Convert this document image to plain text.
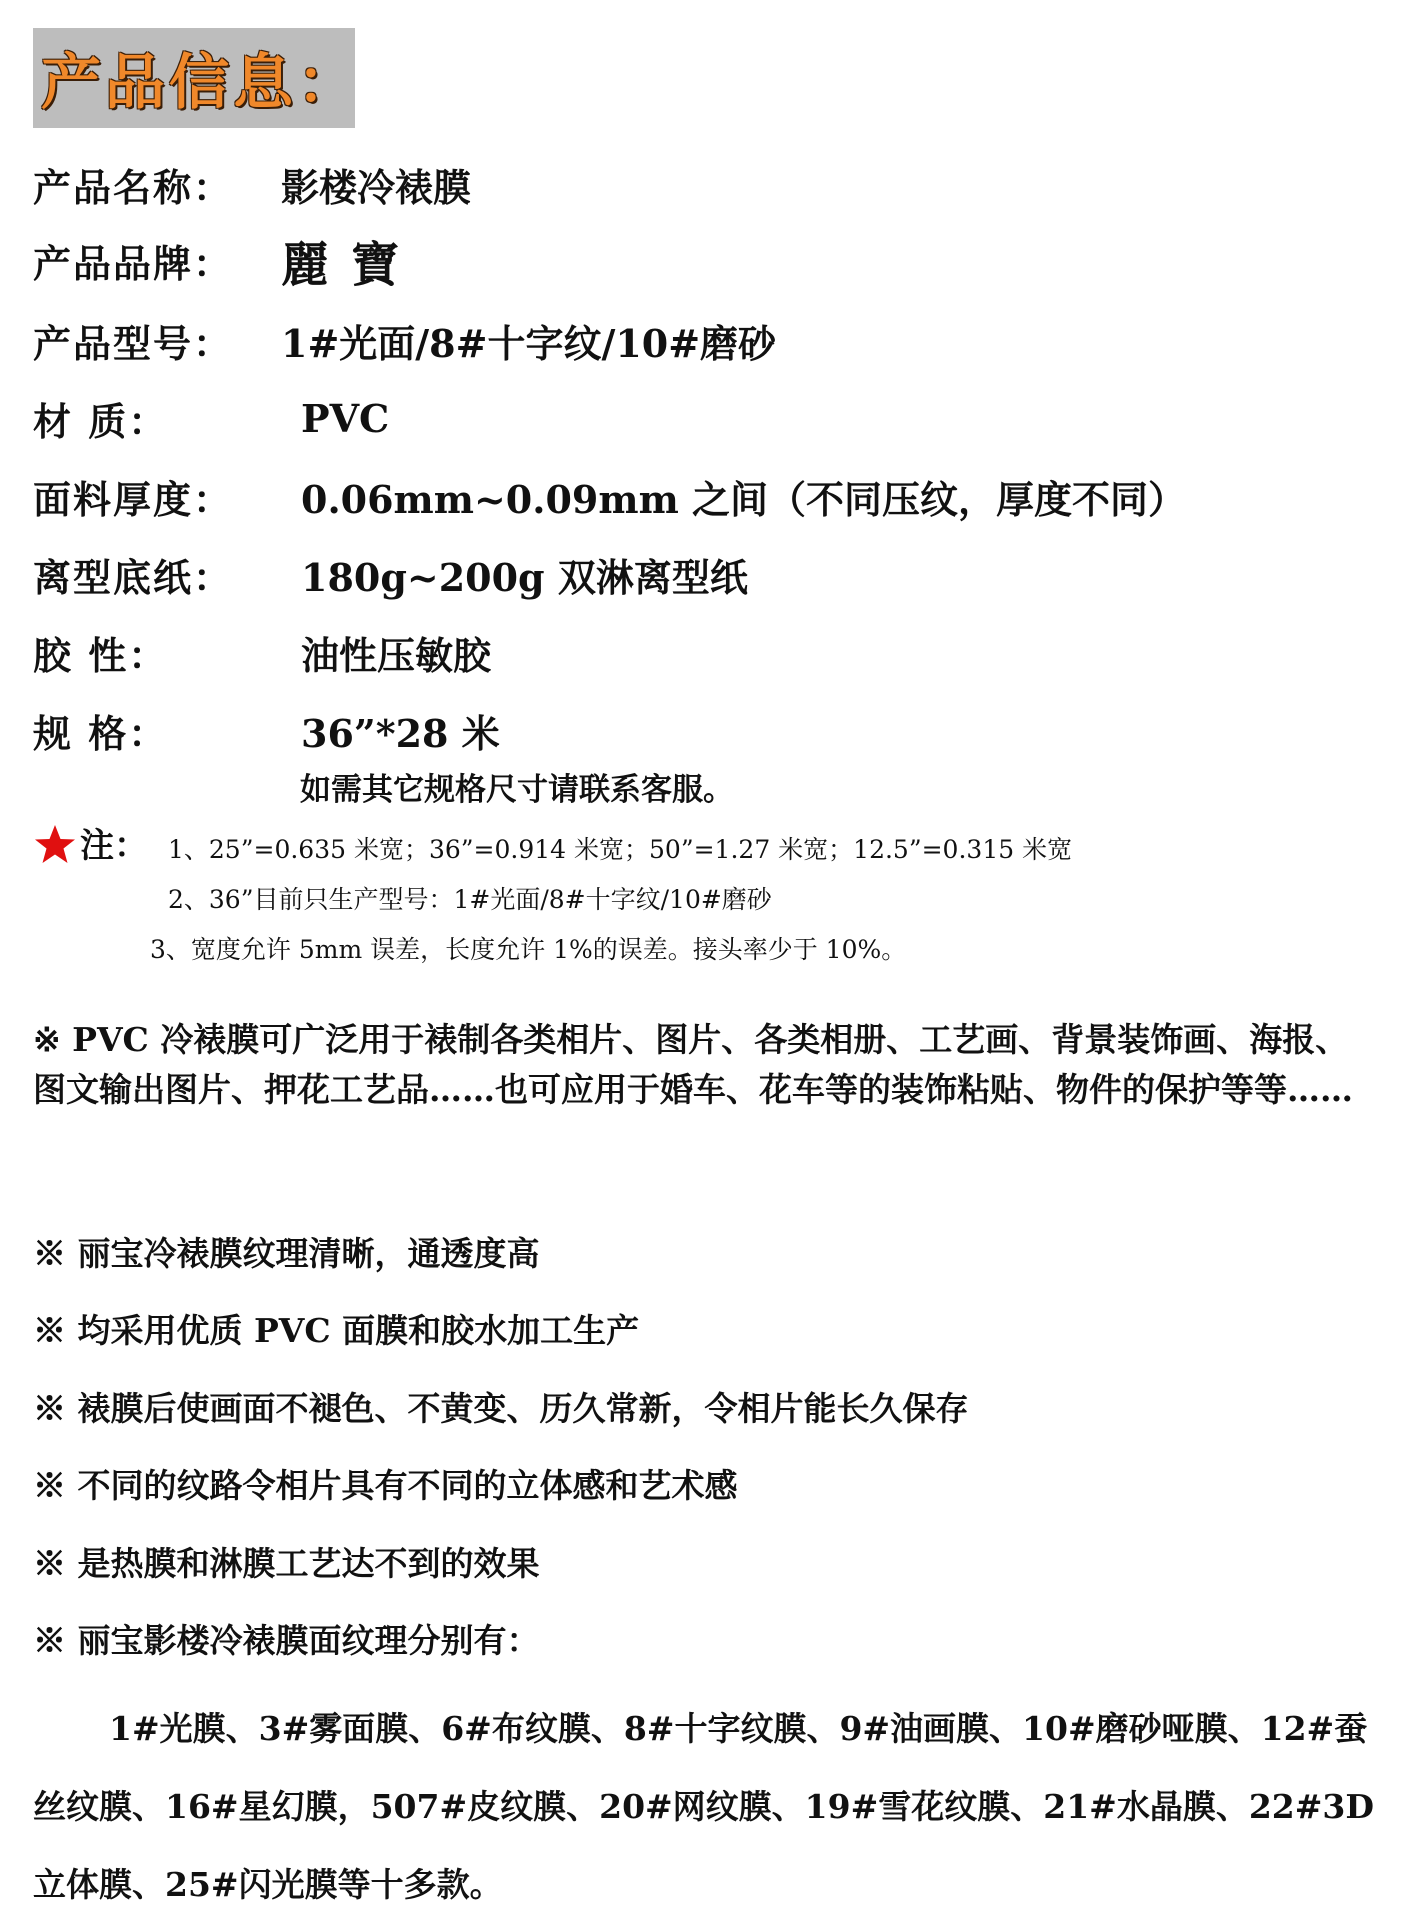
产品信息：
产品名称： 影楼冷裱膜
产品品牌： 麗寶
产品型号： 1#光面/8#十字纹/10#磨砂
材 质：	PVC
面料厚度： 0.06mm~0.09mm 之间（不同压纹，厚度不同）
离型底纸： 180g~200g 双淋离型纸
胶 性：	油性压敏胶
规 格：	36”*28 米
如需其它规格尺寸请联系客服。
注： 1、25”=0.635 米宽；36”=0.914 米宽；50”=1.27 米宽；12.5”=0.315 米宽
2、36”目前只生产型号：1#光面/8#十字纹/10#磨砂
3、宽度允许 5mm 误差，长度允许 1%的误差。接头率少于 10%。
※ PVC 冷裱膜可广泛用于裱制各类相片、图片、各类相册、工艺画、背景装饰画、海报、图文输出图片、押花工艺品……也可应用于婚车、花车等的装饰粘贴、物件的保护等等……
※ 丽宝冷裱膜纹理清晰，通透度高
※ 均采用优质 PVC 面膜和胶水加工生产
※ 裱膜后使画面不褪色、不黄变、历久常新，令相片能长久保存
※ 不同的纹路令相片具有不同的立体感和艺术感
※ 是热膜和淋膜工艺达不到的效果
※ 丽宝影楼冷裱膜面纹理分别有：
1#光膜、3#雾面膜、6#布纹膜、8#十字纹膜、9#油画膜、10#磨砂哑膜、12#蚕丝纹膜、16#星幻膜，507#皮纹膜、20#网纹膜、19#雪花纹膜、21#水晶膜、22#3D 立体膜、25#闪光膜等十多款。
